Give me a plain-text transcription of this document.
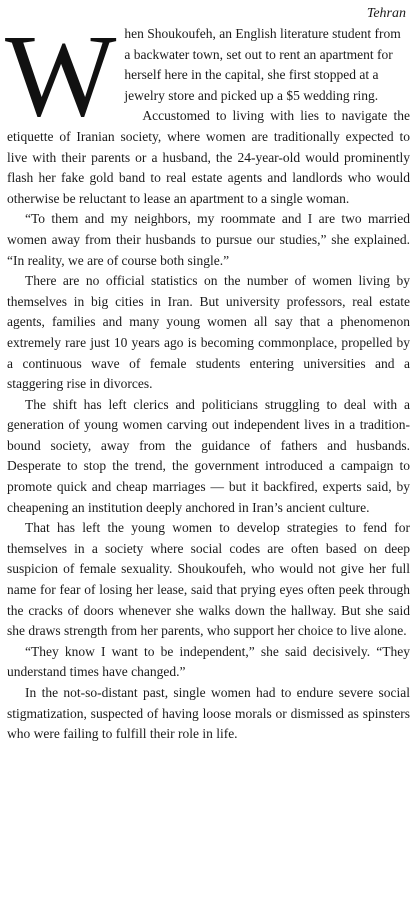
Tehran

W hen Shoukoufeh, an English literature student from a backwater town, set out to rent an apartment for herself here in the capital, she first stopped at a jewelry store and picked up a $5 wedding ring.

Accustomed to living with lies to navigate the etiquette of Iranian society, where women are traditionally expected to live with their parents or a husband, the 24-year-old would prominently flash her fake gold band to real estate agents and landlords who would otherwise be reluctant to lease an apartment to a single woman.

“To them and my neighbors, my roommate and I are two married women away from their husbands to pursue our studies,” she explained. “In reality, we are of course both single.”

There are no official statistics on the number of women living by themselves in big cities in Iran. But university professors, real estate agents, families and many young women all say that a phenomenon extremely rare just 10 years ago is becoming commonplace, propelled by a continuous wave of female students entering universities and a staggering rise in divorces.

The shift has left clerics and politicians struggling to deal with a generation of young women carving out independent lives in a tradition-bound society, away from the guidance of fathers and husbands. Desperate to stop the trend, the government introduced a campaign to promote quick and cheap marriages — but it backfired, experts said, by cheapening an institution deeply anchored in Iran’s ancient culture.

That has left the young women to develop strategies to fend for themselves in a society where social codes are often based on deep suspicion of female sexuality. Shoukoufeh, who would not give her full name for fear of losing her lease, said that prying eyes often peek through the cracks of doors whenever she walks down the hallway. But she said she draws strength from her parents, who support her choice to live alone.

“They know I want to be independent,” she said decisively. “They understand times have changed.”

In the not-so-distant past, single women had to endure severe social stigmatization, suspected of having loose morals or dismissed as spinsters who were failing to fulfill their role in life.
